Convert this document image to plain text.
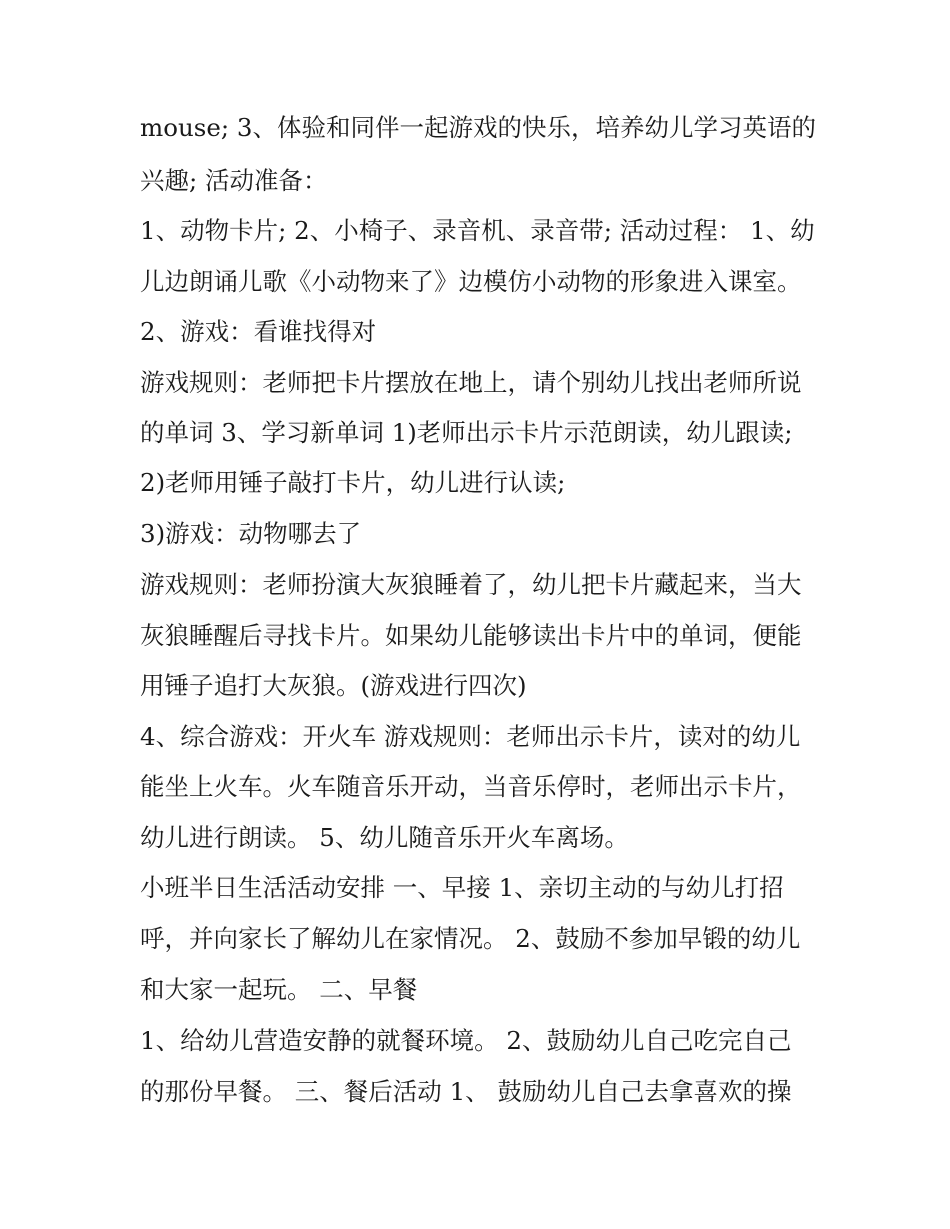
mouse; 3、体验和同伴一起游戏的快乐，培养幼儿学习英语的
兴趣; 活动准备：
1、动物卡片; 2、小椅子、录音机、录音带; 活动过程： 1、幼
儿边朗诵儿歌《小动物来了》边模仿小动物的形象进入课室。
2、游戏：看谁找得对
游戏规则：老师把卡片摆放在地上，请个别幼儿找出老师所说
的单词 3、学习新单词 1)老师出示卡片示范朗读，幼儿跟读;
2)老师用锤子敲打卡片，幼儿进行认读;
3)游戏：动物哪去了
游戏规则：老师扮演大灰狼睡着了，幼儿把卡片藏起来，当大
灰狼睡醒后寻找卡片。如果幼儿能够读出卡片中的单词，便能
用锤子追打大灰狼。(游戏进行四次)
4、综合游戏：开火车 游戏规则：老师出示卡片，读对的幼儿
能坐上火车。火车随音乐开动，当音乐停时，老师出示卡片，
幼儿进行朗读。 5、幼儿随音乐开火车离场。
小班半日生活活动安排 一、早接 1、亲切主动的与幼儿打招
呼，并向家长了解幼儿在家情况。 2、鼓励不参加早锻的幼儿
和大家一起玩。 二、早餐
1、给幼儿营造安静的就餐环境。 2、鼓励幼儿自己吃完自己
的那份早餐。 三、餐后活动 1、 鼓励幼儿自己去拿喜欢的操
